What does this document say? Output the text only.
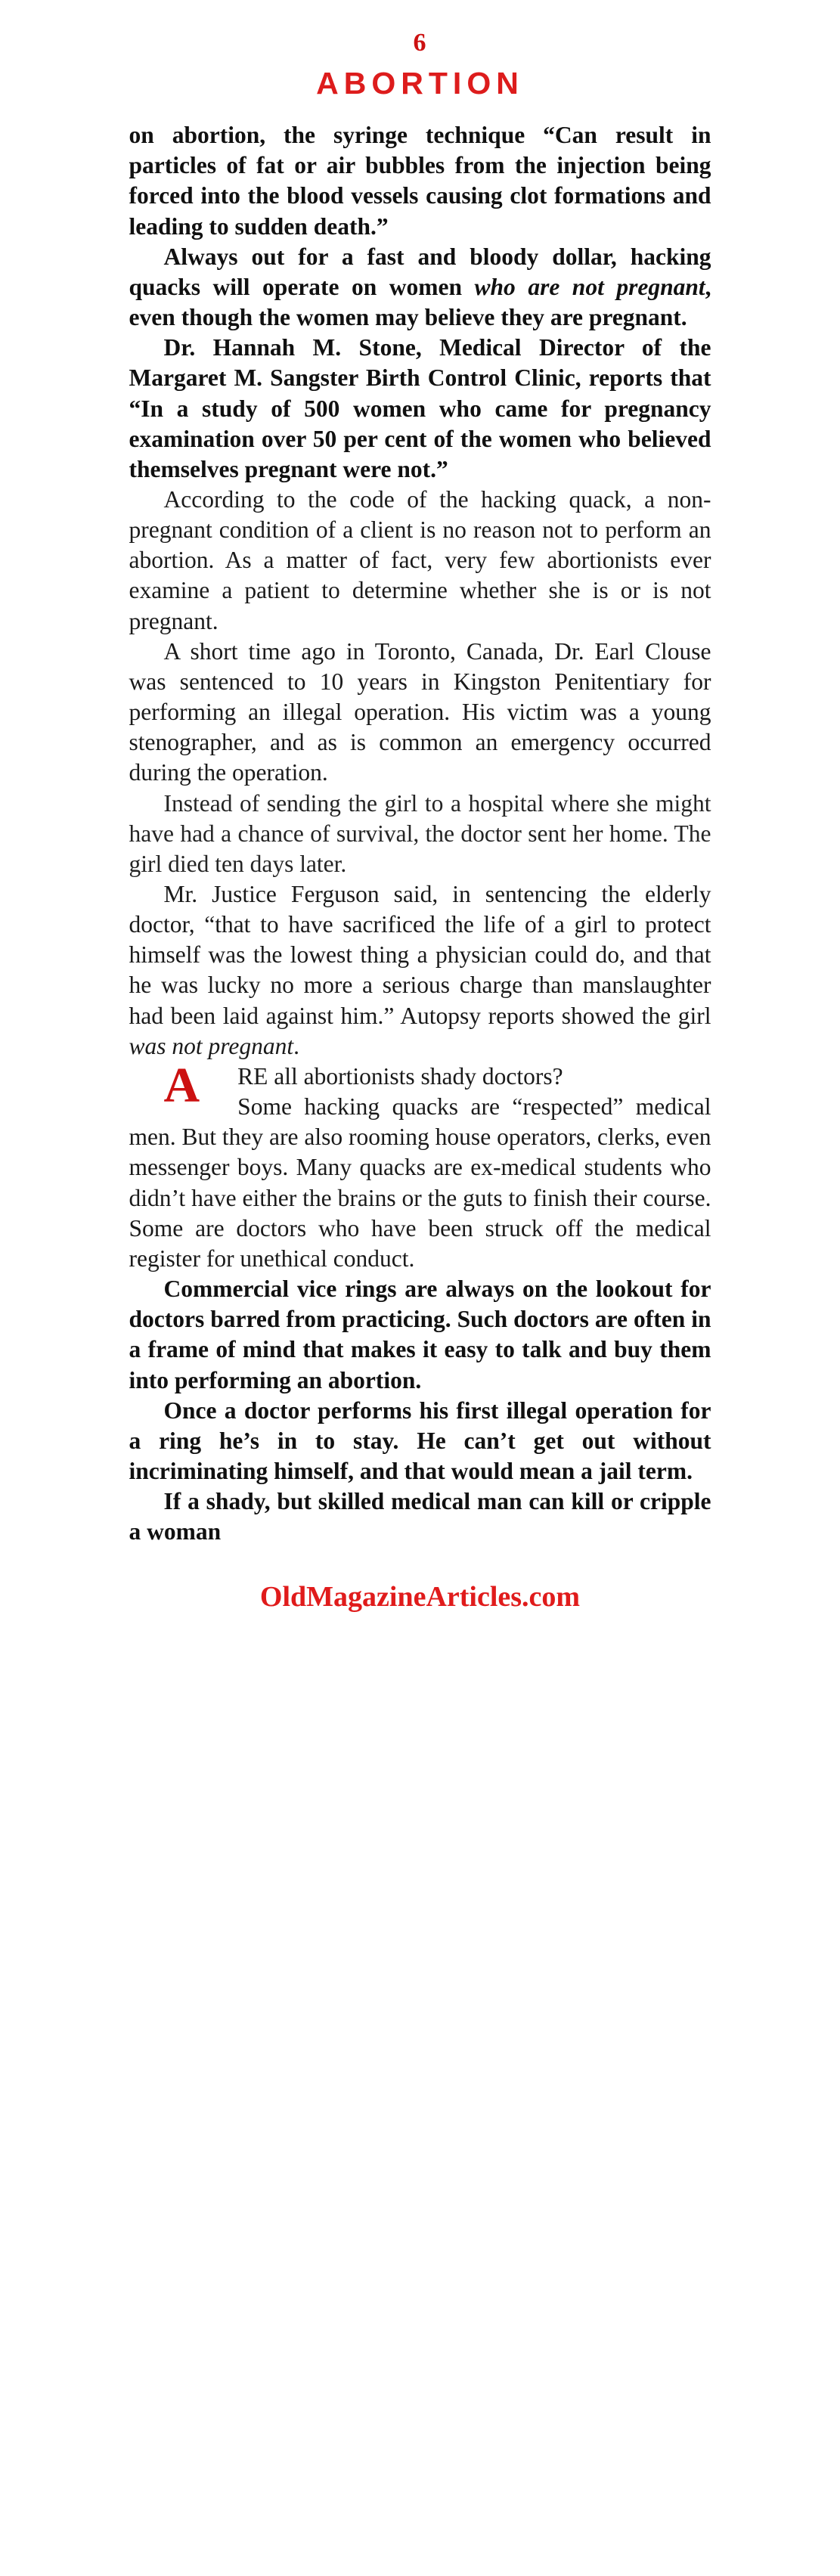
6
ABORTION

on abortion, the syringe technique “Can result in particles of fat or air bubbles from the injection being forced into the blood vessels causing clot formations and leading to sudden death.”

Always out for a fast and bloody dollar, hacking quacks will operate on women who are not pregnant, even though the women may believe they are pregnant.

Dr. Hannah M. Stone, Medical Director of the Margaret M. Sangster Birth Control Clinic, reports that “In a study of 500 women who came for pregnancy examination over 50 per cent of the women who believed themselves pregnant were not.”

According to the code of the hacking quack, a non-pregnant condition of a client is no reason not to perform an abortion. As a matter of fact, very few abortionists ever examine a patient to determine whether she is or is not pregnant.

A short time ago in Toronto, Canada, Dr. Earl Clouse was sentenced to 10 years in Kingston Penitentiary for performing an illegal operation. His victim was a young stenographer, and as is common an emergency occurred during the operation.

Instead of sending the girl to a hospital where she might have had a chance of survival, the doctor sent her home. The girl died ten days later.

Mr. Justice Ferguson said, in sentencing the elderly doctor, “that to have sacrificed the life of a girl to protect himself was the lowest thing a physician could do, and that he was lucky no more a serious charge than manslaughter had been laid against him.” Autopsy reports showed the girl was not pregnant.

A RE all abortionists shady doctors?

Some hacking quacks are “respected” medical men. But they are also rooming house operators, clerks, even messenger boys. Many quacks are ex-medical students who didn’t have either the brains or the guts to finish their course. Some are doctors who have been struck off the medical register for unethical conduct.

Commercial vice rings are always on the lookout for doctors barred from practicing. Such doctors are often in a frame of mind that makes it easy to talk and buy them into performing an abortion.

Once a doctor performs his first illegal operation for a ring he’s in to stay. He can’t get out without incriminating himself, and that would mean a jail term.

If a shady, but skilled medical man can kill or cripple a woman

OldMagazineArticles.com
